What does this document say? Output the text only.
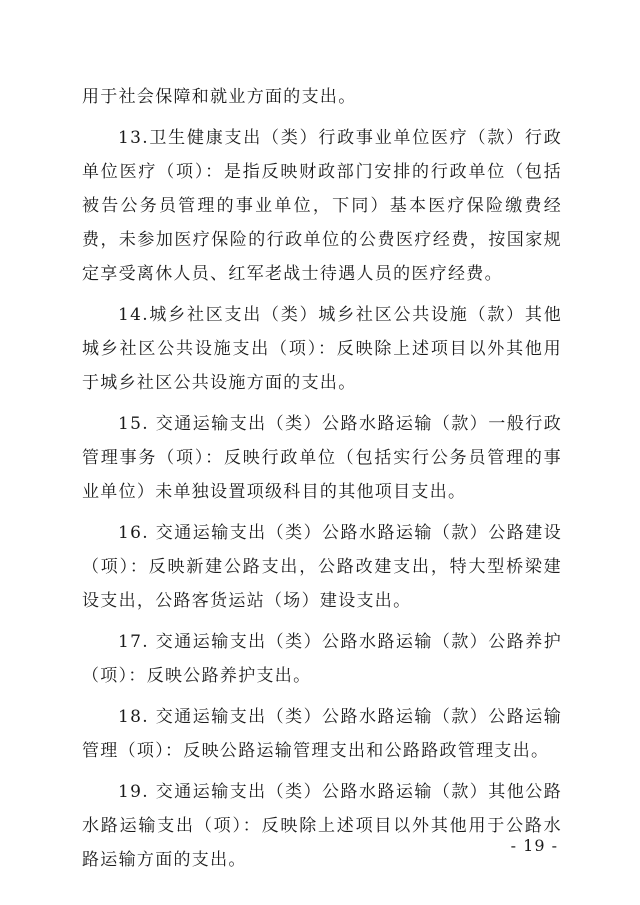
用于社会保障和就业方面的支出。

13.卫生健康支出（类）行政事业单位医疗（款）行政单位医疗（项）：是指反映财政部门安排的行政单位（包括被告公务员管理的事业单位，下同）基本医疗保险缴费经费，未参加医疗保险的行政单位的公费医疗经费，按国家规定享受离休人员、红军老战士待遇人员的医疗经费。

14.城乡社区支出（类）城乡社区公共设施（款）其他城乡社区公共设施支出（项）：反映除上述项目以外其他用于城乡社区公共设施方面的支出。

15. 交通运输支出（类）公路水路运输（款）一般行政管理事务（项）：反映行政单位（包括实行公务员管理的事业单位）未单独设置项级科目的其他项目支出。

16. 交通运输支出（类）公路水路运输（款）公路建设（项）：反映新建公路支出，公路改建支出，特大型桥梁建设支出，公路客货运站（场）建设支出。

17. 交通运输支出（类）公路水路运输（款）公路养护（项）：反映公路养护支出。

18. 交通运输支出（类）公路水路运输（款）公路运输管理（项）：反映公路运输管理支出和公路路政管理支出。

19. 交通运输支出（类）公路水路运输（款）其他公路水路运输支出（项）：反映除上述项目以外其他用于公路水路运输方面的支出。

- 19 -
